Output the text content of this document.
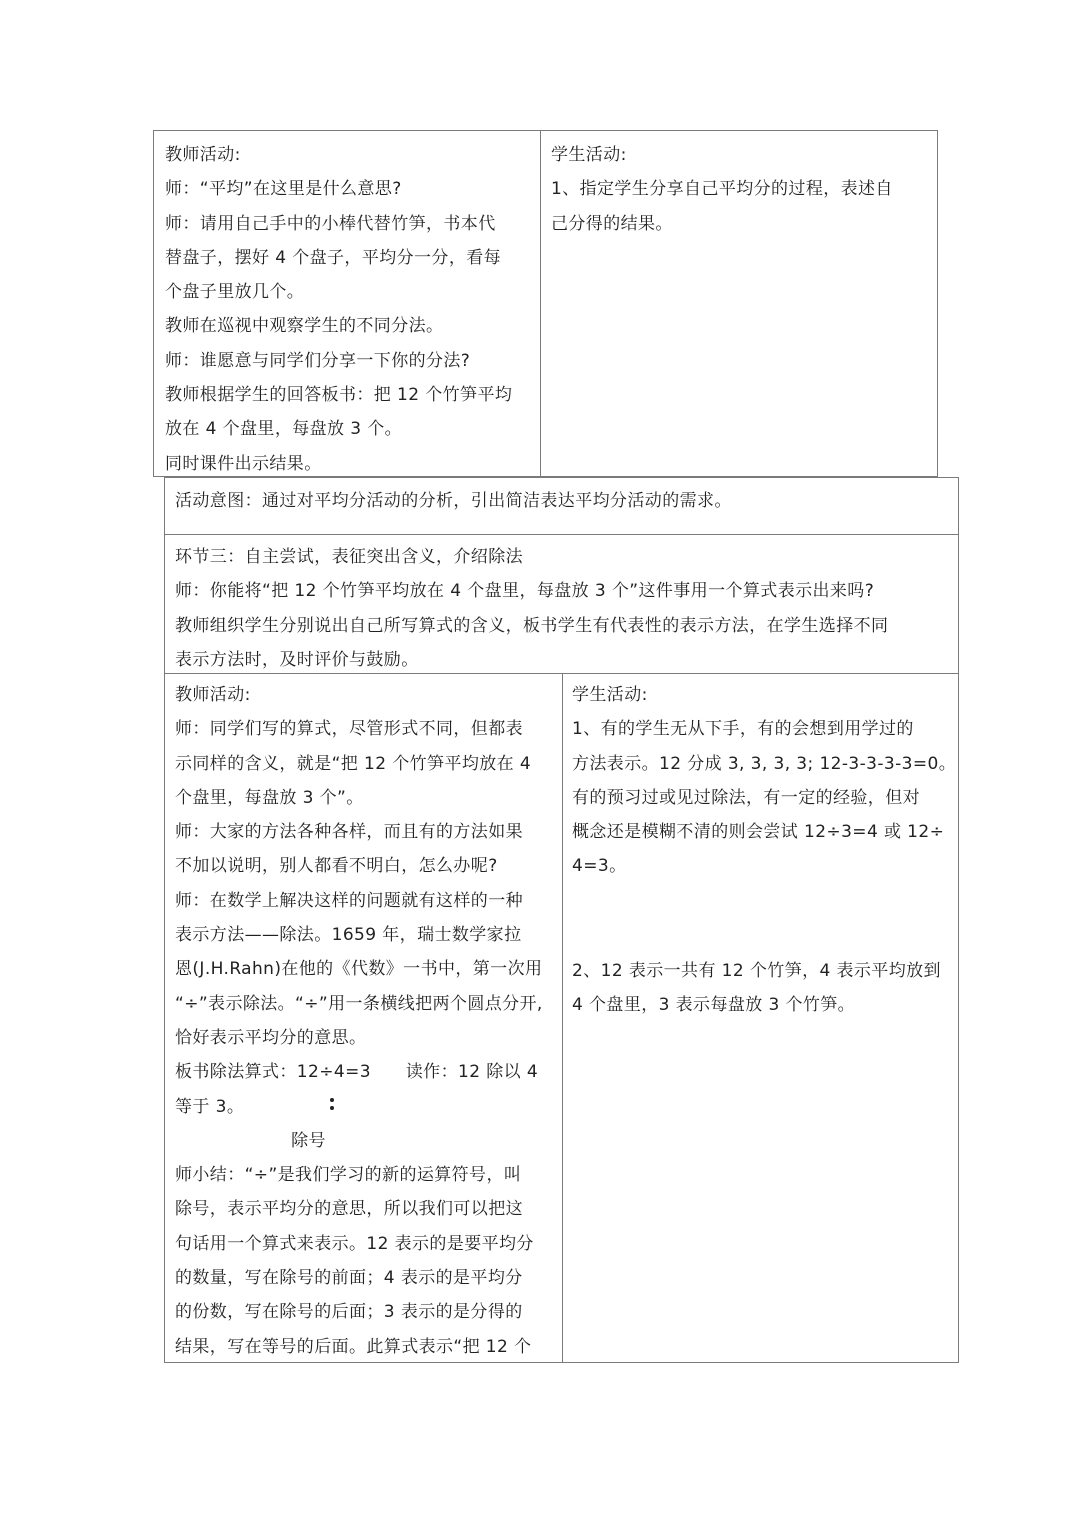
教师活动:

师：“平均”在这里是什么意思?

师：请用自己手中的小棒代替竹笋，书本代

替盘子，摆好 4 个盘子，平均分一分，看每

个盘子里放几个。

教师在巡视中观察学生的不同分法。

师：谁愿意与同学们分享一下你的分法?

教师根据学生的回答板书：把 12 个竹笋平均

放在 4 个盘里，每盘放 3 个。

同时课件出示结果。

学生活动:

1、指定学生分享自己平均分的过程，表述自

己分得的结果。

活动意图：通过对平均分活动的分析，引出简洁表达平均分活动的需求。

环节三：自主尝试，表征突出含义，介绍除法

师：你能将“把 12 个竹笋平均放在 4 个盘里，每盘放 3 个”这件事用一个算式表示出来吗?

教师组织学生分别说出自己所写算式的含义，板书学生有代表性的表示方法，在学生选择不同

表示方法时，及时评价与鼓励。

教师活动:

师：同学们写的算式，尽管形式不同，但都表

示同样的含义，就是“把 12 个竹笋平均放在 4

个盘里，每盘放 3 个”。

师：大家的方法各种各样，而且有的方法如果

不加以说明，别人都看不明白，怎么办呢?

师：在数学上解决这样的问题就有这样的一种

表示方法——除法。1659 年，瑞士数学家拉

恩(J.H.Rahn)在他的《代数》一书中，第一次用

“÷”表示除法。“÷”用一条横线把两个圆点分开,

恰好表示平均分的意思。

板书除法算式：12÷4=3      读作：12 除以 4

等于 3。

除号

师小结：“÷”是我们学习的新的运算符号，叫

除号，表示平均分的意思，所以我们可以把这

句话用一个算式来表示。12 表示的是要平均分

的数量，写在除号的前面；4 表示的是平均分

的份数，写在除号的后面；3 表示的是分得的

结果，写在等号的后面。此算式表示“把 12 个

学生活动:

1、有的学生无从下手，有的会想到用学过的

方法表示。12 分成 3, 3, 3, 3; 12-3-3-3-3=0。

有的预习过或见过除法，有一定的经验，但对

概念还是模糊不清的则会尝试 12÷3=4 或 12÷

4=3。

2、12 表示一共有 12 个竹笋，4 表示平均放到

4 个盘里，3 表示每盘放 3 个竹笋。
